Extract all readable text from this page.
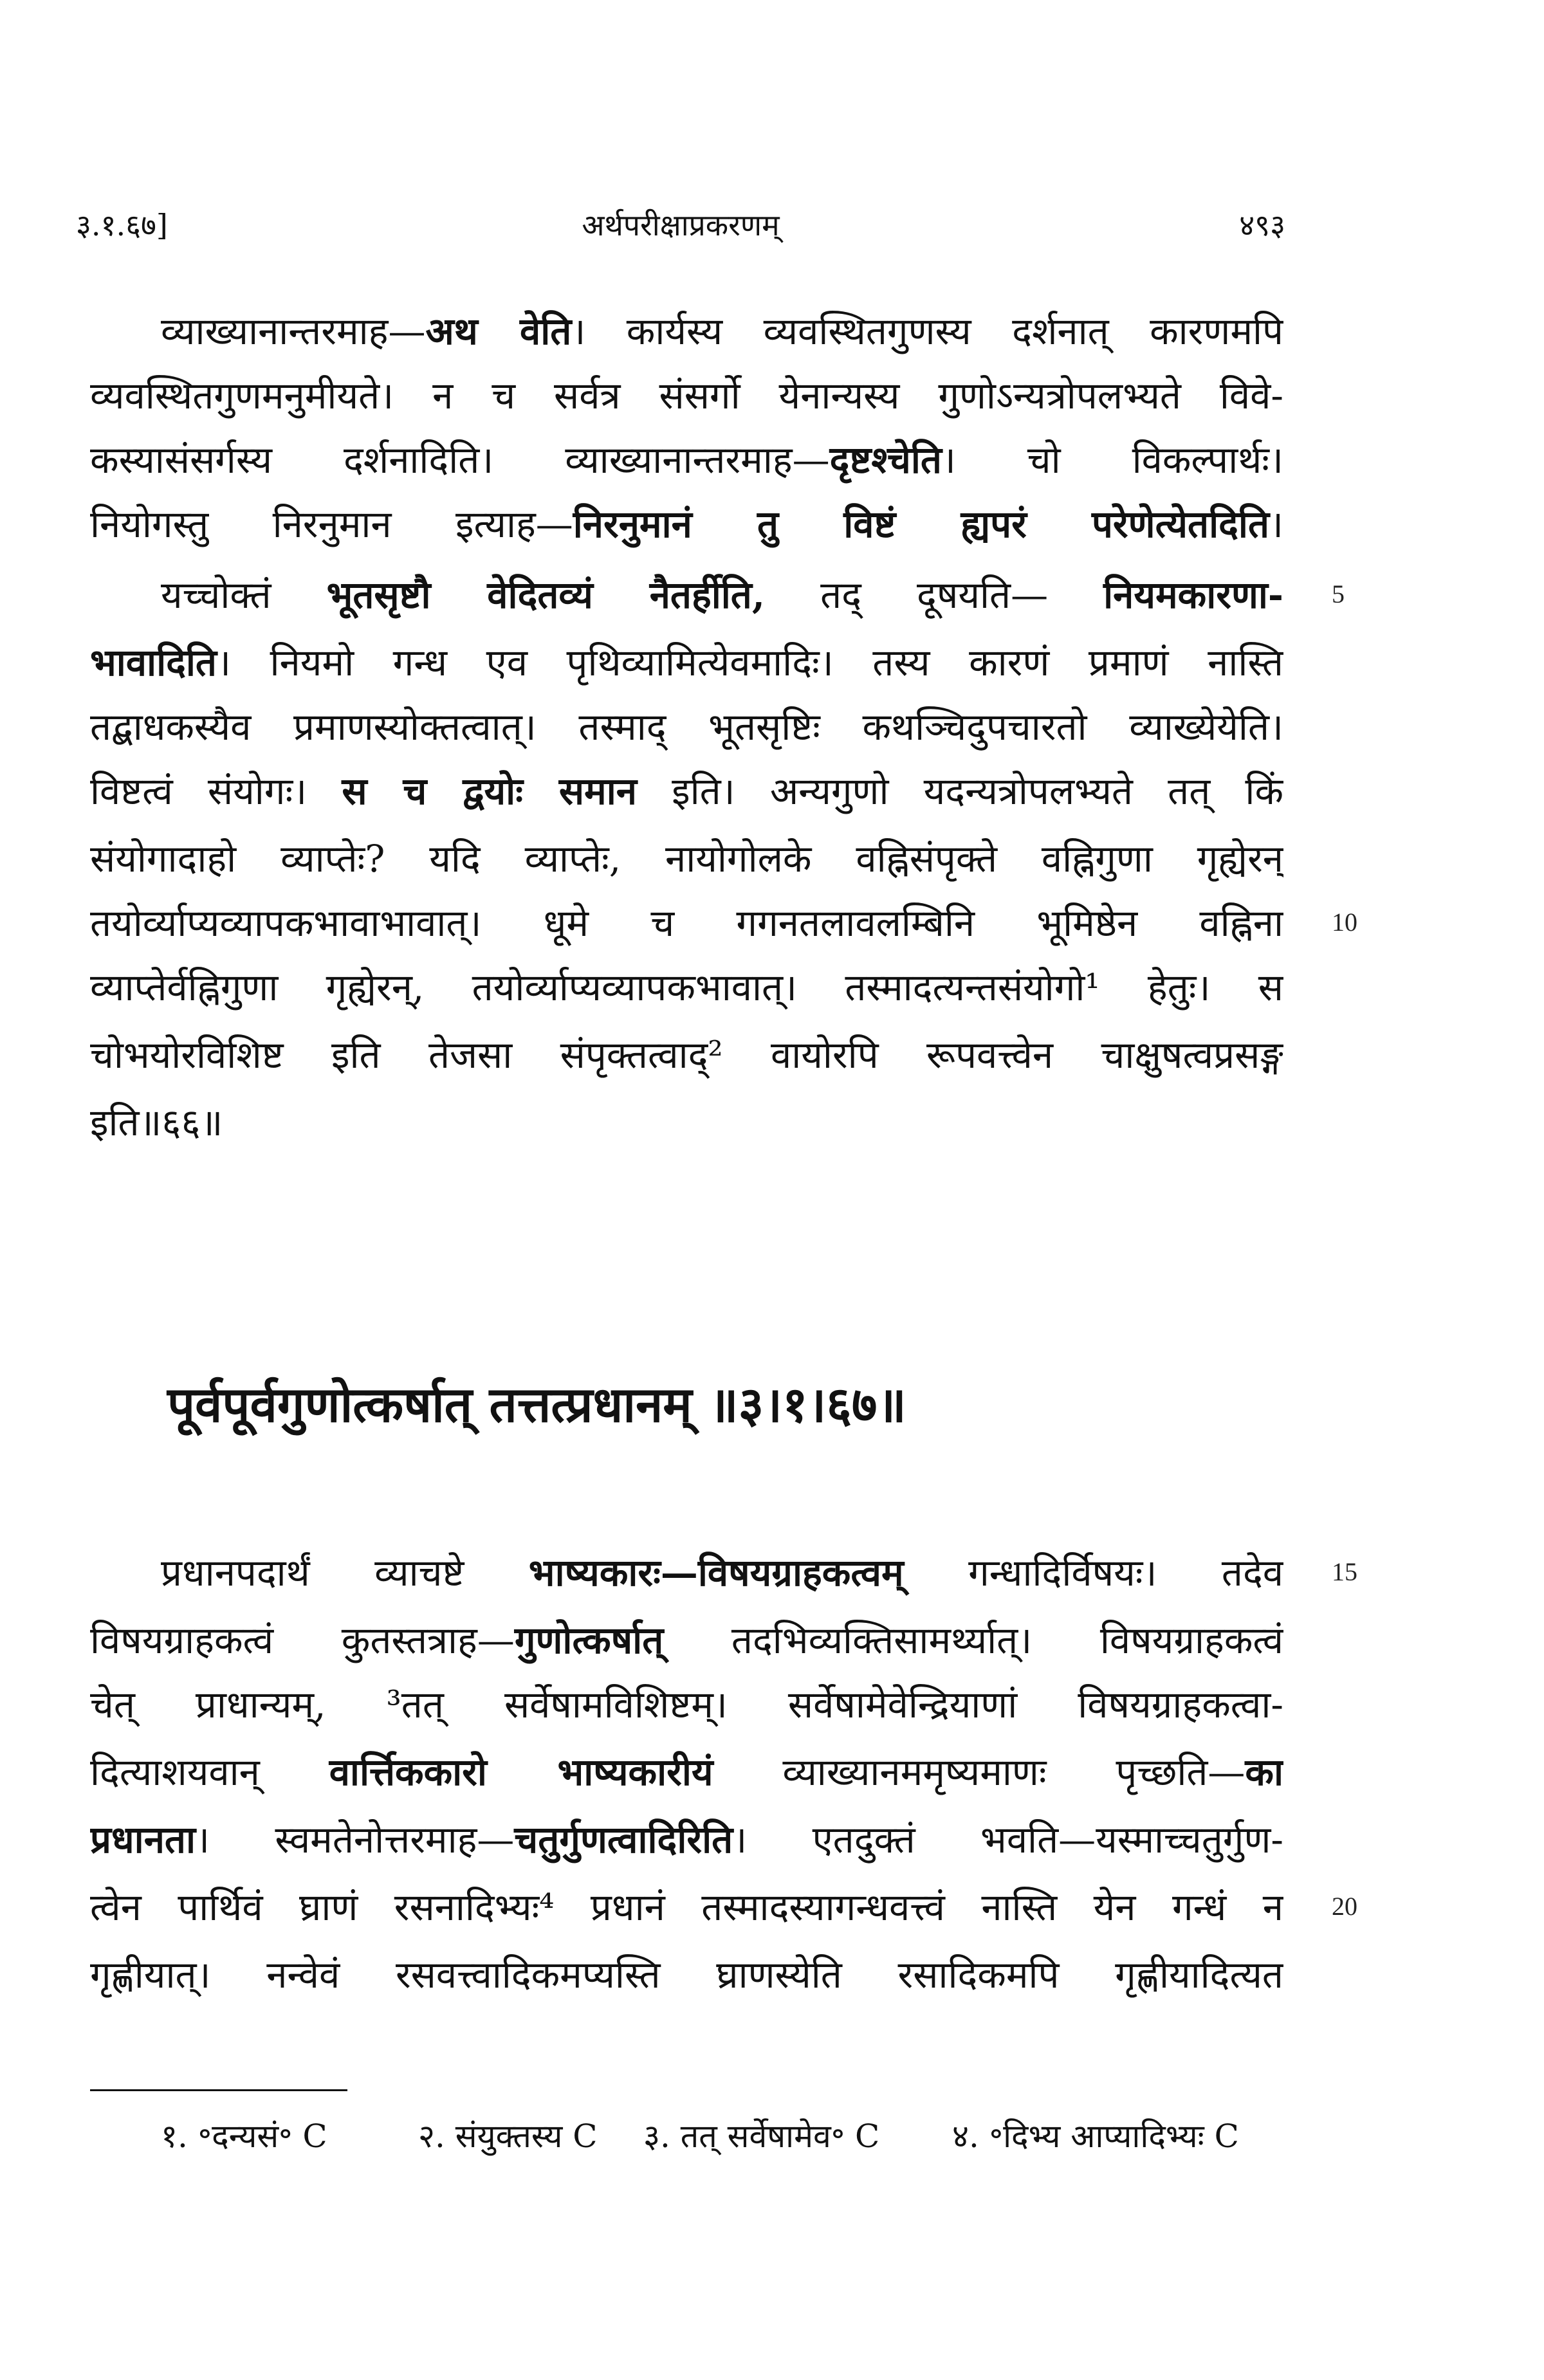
३.१.६७]	अर्थपरीक्षाप्रकरणम्	४९३
व्याख्यानान्तरमाह—अथ वेति। कार्यस्य व्यवस्थितगुणस्य दर्शनात् कारणमपि
व्यवस्थितगुणमनुमीयते। न च सर्वत्र संसर्गो येनान्यस्य गुणोऽन्यत्रोपलभ्यते विवे-
कस्यासंसर्गस्य दर्शनादिति। व्याख्यानान्तरमाह—दृष्टश्चेति। चो विकल्पार्थः।
नियोगस्तु निरनुमान इत्याह—निरनुमानं तु विष्टं ह्यपरं परेणेत्येतदिति।
यच्चोक्तं भूतसृष्टौ वेदितव्यं नैतर्हीति, तद् दूषयति— नियमकारणा- 5
भावादिति। नियमो गन्ध एव पृथिव्यामित्येवमादिः। तस्य कारणं प्रमाणं नास्ति
तद्बाधकस्यैव प्रमाणस्योक्तत्वात्। तस्माद् भूतसृष्टिः कथञ्चिदुपचारतो व्याख्येयेति।
विष्टत्वं संयोगः। स च द्वयोः समान इति। अन्यगुणो यदन्यत्रोपलभ्यते तत् किं
संयोगादाहो व्याप्तेः? यदि व्याप्तेः, नायोगोलके वह्निसंपृक्ते वह्निगुणा गृह्येरन्
तयोर्व्याप्यव्यापकभावाभावात्। धूमे च गगनतलावलम्बिनि भूमिष्ठेन वह्निना 10
व्याप्तेर्वह्निगुणा गृह्येरन्, तयोर्व्याप्यव्यापकभावात्। तस्मादत्यन्तसंयोगो¹ हेतुः। स
चोभयोरविशिष्ट इति तेजसा संपृक्तत्वाद्² वायोरपि रूपवत्त्वेन चाक्षुषत्वप्रसङ्ग
इति॥६६॥
पूर्वपूर्वगुणोत्कर्षात् तत्तत्प्रधानम् ॥३।१।६७॥
प्रधानपदार्थं व्याचष्टे भाष्यकारः—विषयग्राहकत्वम् गन्धादिर्विषयः। तदेव 15
विषयग्राहकत्वं कुतस्तत्राह—गुणोत्कर्षात् तदभिव्यक्तिसामर्थ्यात्। विषयग्राहकत्वं
चेत् प्राधान्यम्, ³तत् सर्वेषामविशिष्टम्। सर्वेषामेवेन्द्रियाणां विषयग्राहकत्वा-
दित्याशयवान् वार्त्तिककारो भाष्यकारीयं व्याख्यानममृष्यमाणः पृच्छति—का
प्रधानता। स्वमतेनोत्तरमाह—चतुर्गुणत्वादिरिति। एतदुक्तं भवति—यस्माच्चतुर्गुण-
त्वेन पार्थिवं घ्राणं रसनादिभ्यः⁴ प्रधानं तस्मादस्यागन्धवत्त्वं नास्ति येन गन्धं न 20
गृह्णीयात्। नन्वेवं रसवत्त्वादिकमप्यस्ति घ्राणस्येति रसादिकमपि गृह्णीयादित्यत
१. ॰दन्यसं॰ C	२. संयुक्तस्य C ३. तत् सर्वेषामेव॰ C ४. ॰दिभ्य आप्यादिभ्यः C
